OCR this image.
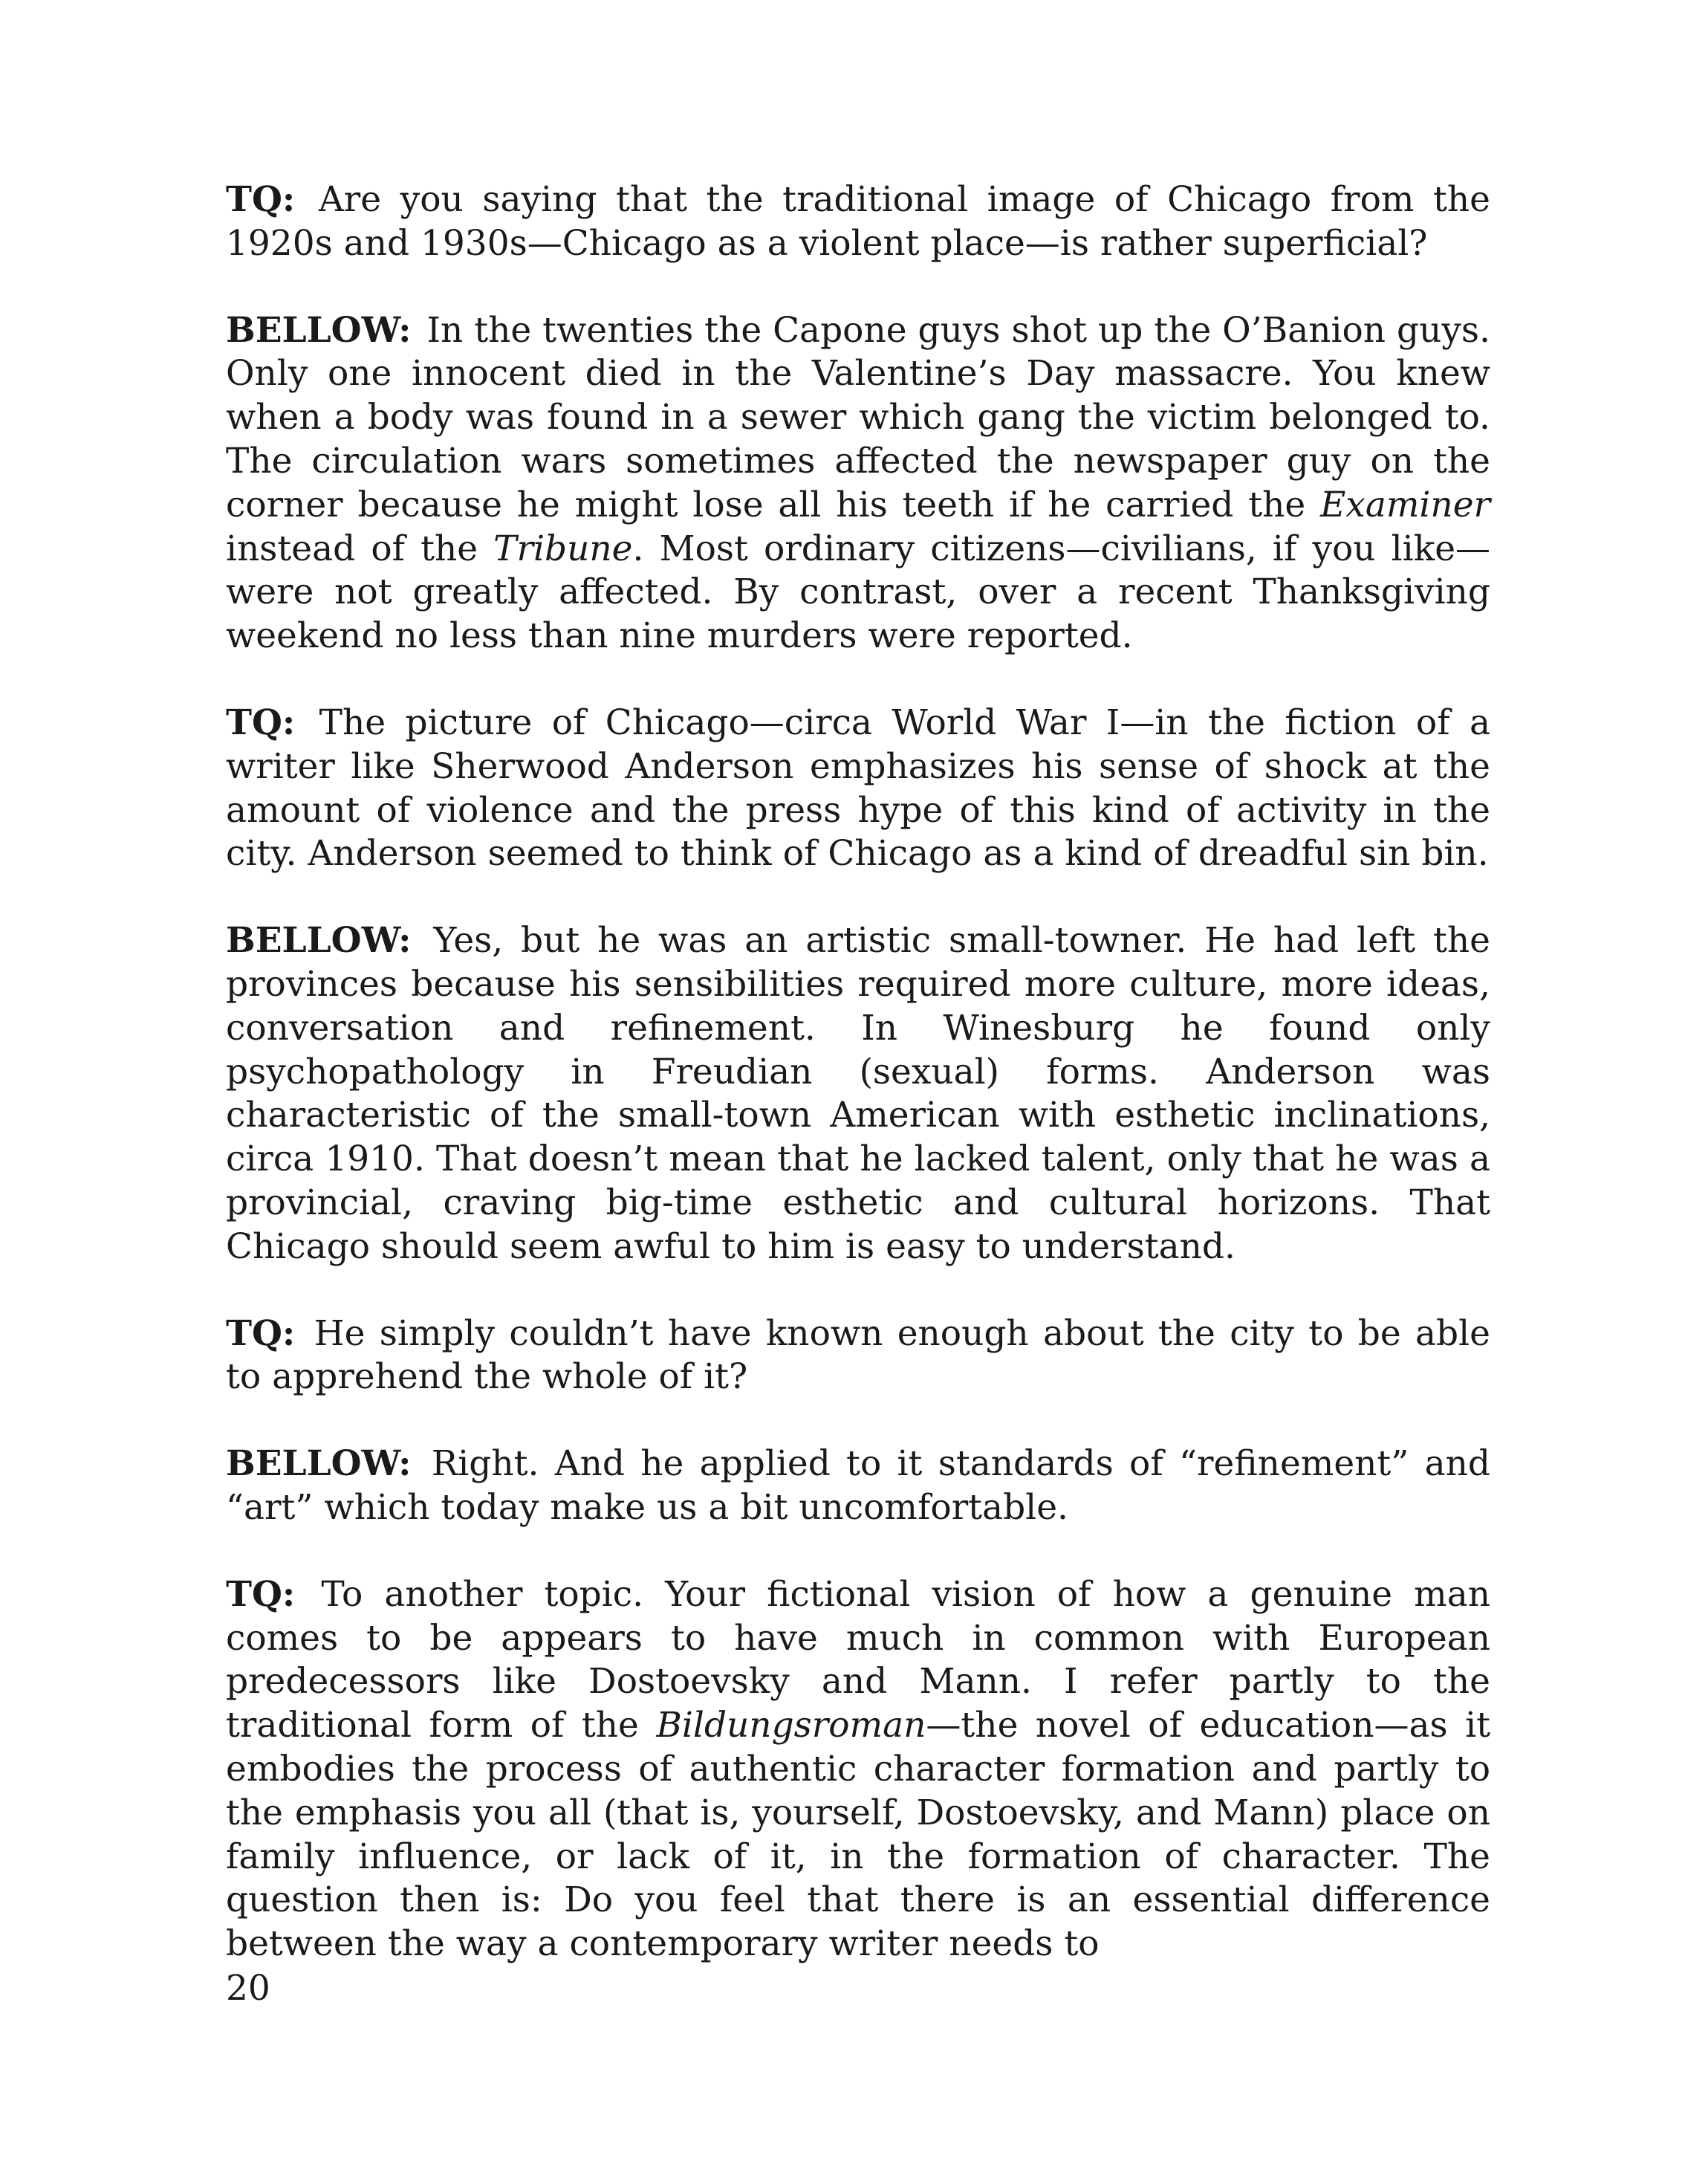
TQ: Are you saying that the traditional image of Chicago from the 1920s and 1930s—Chicago as a violent place—is rather superficial?

BELLOW: In the twenties the Capone guys shot up the O’Banion guys. Only one innocent died in the Valentine’s Day massacre. You knew when a body was found in a sewer which gang the victim belonged to. The circulation wars sometimes affected the newspaper guy on the corner because he might lose all his teeth if he carried the Examiner instead of the Tribune. Most ordinary citizens—civilians, if you like—were not greatly affected. By contrast, over a recent Thanksgiving weekend no less than nine murders were reported.

TQ: The picture of Chicago—circa World War I—in the fiction of a writer like Sherwood Anderson emphasizes his sense of shock at the amount of violence and the press hype of this kind of activity in the city. Anderson seemed to think of Chicago as a kind of dreadful sin bin.

BELLOW: Yes, but he was an artistic small-towner. He had left the provinces because his sensibilities required more culture, more ideas, conversation and refinement. In Winesburg he found only psychopathology in Freudian (sexual) forms. Anderson was characteristic of the small-town American with esthetic inclinations, circa 1910. That doesn’t mean that he lacked talent, only that he was a provincial, craving big-time esthetic and cultural horizons. That Chicago should seem awful to him is easy to understand.

TQ: He simply couldn’t have known enough about the city to be able to apprehend the whole of it?

BELLOW: Right. And he applied to it standards of “refinement” and “art” which today make us a bit uncomfortable.

TQ: To another topic. Your fictional vision of how a genuine man comes to be appears to have much in common with European predecessors like Dostoevsky and Mann. I refer partly to the traditional form of the Bildungsroman—the novel of education—as it embodies the process of authentic character formation and partly to the emphasis you all (that is, yourself, Dostoevsky, and Mann) place on family influence, or lack of it, in the formation of character. The question then is: Do you feel that there is an essential difference between the way a contemporary writer needs to

20
